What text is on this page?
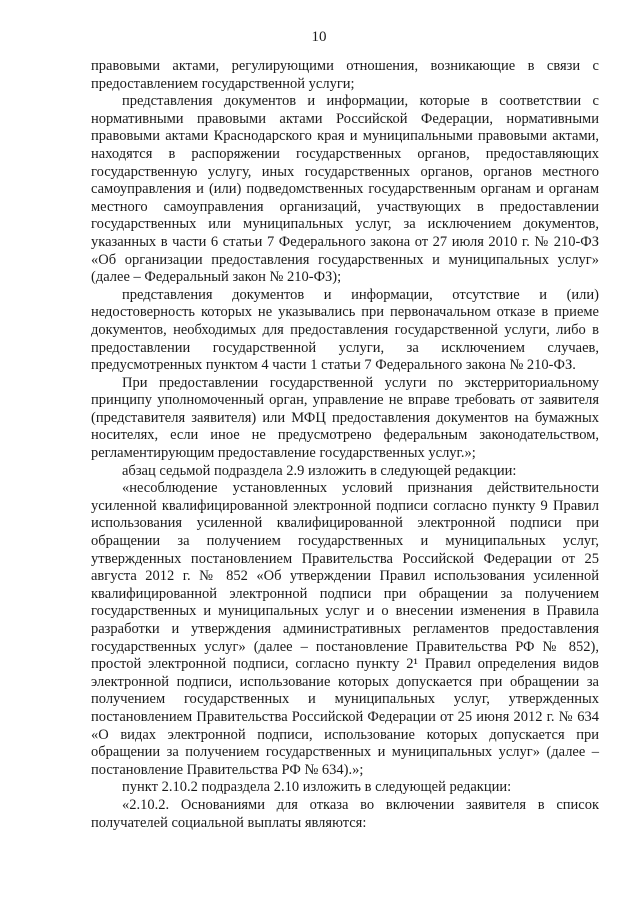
10

правовыми актами, регулирующими отношения, возникающие в связи с предоставлением государственной услуги;

представления документов и информации, которые в соответствии с нормативными правовыми актами Российской Федерации, нормативными правовыми актами Краснодарского края и муниципальными правовыми актами, находятся в распоряжении государственных органов, предоставляющих государственную услугу, иных государственных органов, органов местного самоуправления и (или) подведомственных государственным органам и органам местного самоуправления организаций, участвующих в предоставлении государственных или муниципальных услуг, за исключением документов, указанных в части 6 статьи 7 Федерального закона от 27 июля 2010 г. № 210-ФЗ «Об организации предоставления государственных и муниципальных услуг» (далее – Федеральный закон № 210-ФЗ);

представления документов и информации, отсутствие и (или) недостоверность которых не указывались при первоначальном отказе в приеме документов, необходимых для предоставления государственной услуги, либо в предоставлении государственной услуги, за исключением случаев, предусмотренных пунктом 4 части 1 статьи 7 Федерального закона № 210-ФЗ.

При предоставлении государственной услуги по экстерриториальному принципу уполномоченный орган, управление не вправе требовать от заявителя (представителя заявителя) или МФЦ предоставления документов на бумажных носителях, если иное не предусмотрено федеральным законодательством, регламентирующим предоставление государственных услуг.»;

абзац седьмой подраздела 2.9 изложить в следующей редакции:

«несоблюдение установленных условий признания действительности усиленной квалифицированной электронной подписи согласно пункту 9 Правил использования усиленной квалифицированной электронной подписи при обращении за получением государственных и муниципальных услуг, утвержденных постановлением Правительства Российской Федерации от 25 августа 2012 г. № 852 «Об утверждении Правил использования усиленной квалифицированной электронной подписи при обращении за получением государственных и муниципальных услуг и о внесении изменения в Правила разработки и утверждения административных регламентов предоставления государственных услуг» (далее – постановление Правительства РФ № 852), простой электронной подписи, согласно пункту 2¹ Правил определения видов электронной подписи, использование которых допускается при обращении за получением государственных и муниципальных услуг, утвержденных постановлением Правительства Российской Федерации от 25 июня 2012 г. № 634 «О видах электронной подписи, использование которых допускается при обращении за получением государственных и муниципальных услуг» (далее – постановление Правительства РФ № 634).»;

пункт 2.10.2 подраздела 2.10 изложить в следующей редакции:

«2.10.2. Основаниями для отказа во включении заявителя в список получателей социальной выплаты являются:
